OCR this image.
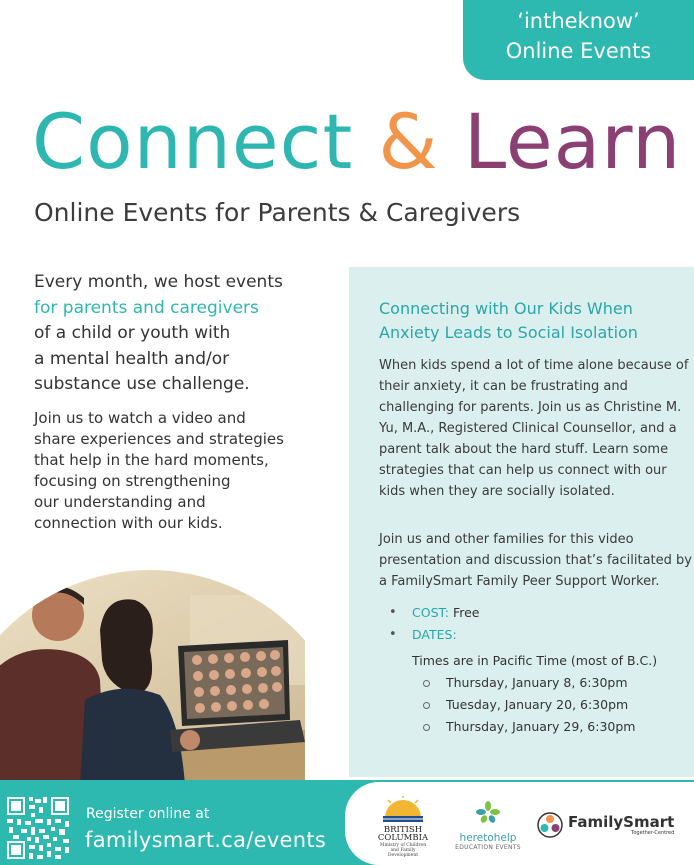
‘intheknow’
Online Events
Connect & Learn
Online Events for Parents & Caregivers
Every month, we host events
for parents and caregivers
of a child or youth with
a mental health and/or
substance use challenge.
Join us to watch a video and
share experiences and strategies
that help in the hard moments,
focusing on strengthening
our understanding and
connection with our kids.
Connecting with Our Kids When
Anxiety Leads to Social Isolation
When kids spend a lot of time alone because of
their anxiety, it can be frustrating and
challenging for parents. Join us as Christine M.
Yu, M.A., Registered Clinical Counsellor, and a
parent talk about the hard stuff. Learn some
strategies that can help us connect with our
kids when they are socially isolated.
Join us and other families for this video
presentation and discussion that’s facilitated by
a FamilySmart Family Peer Support Worker.
• COST: Free
• DATES:
Times are in Pacific Time (most of B.C.)
Thursday, January 8, 6:30pm
Tuesday, January 20, 6:30pm
Thursday, January 29, 6:30pm
Register online at
familysmart.ca/events	BRITISH COLUMBIA
Ministry of Children and Family Development
heretohelp
EDUCATION EVENTS
FamilySmart
Together-Centred
